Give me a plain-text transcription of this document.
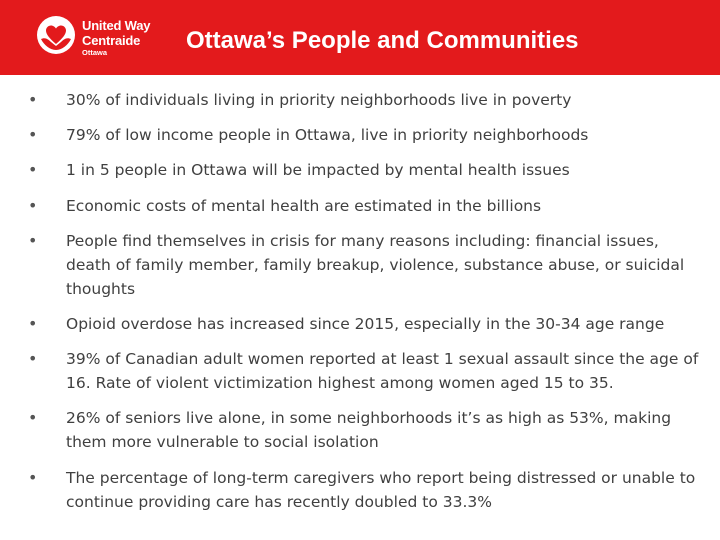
United Way
Centraide
Ottawa	Ottawa’s People and Communities
• 30% of individuals living in priority neighborhoods live in poverty
• 79% of low income people in Ottawa, live in priority neighborhoods
• 1 in 5 people in Ottawa will be impacted by mental health issues
• Economic costs of mental health are estimated in the billions
• People find themselves in crisis for many reasons including: financial issues, death of family member, family breakup, violence, substance abuse, or suicidal thoughts
• Opioid overdose has increased since 2015, especially in the 30-34 age range
• 39% of Canadian adult women reported at least 1 sexual assault since the age of 16. Rate of violent victimization highest among women aged 15 to 35.
• 26% of seniors live alone, in some neighborhoods it’s as high as 53%, making them more vulnerable to social isolation
• The percentage of long-term caregivers who report being distressed or unable to continue providing care has recently doubled to 33.3%
